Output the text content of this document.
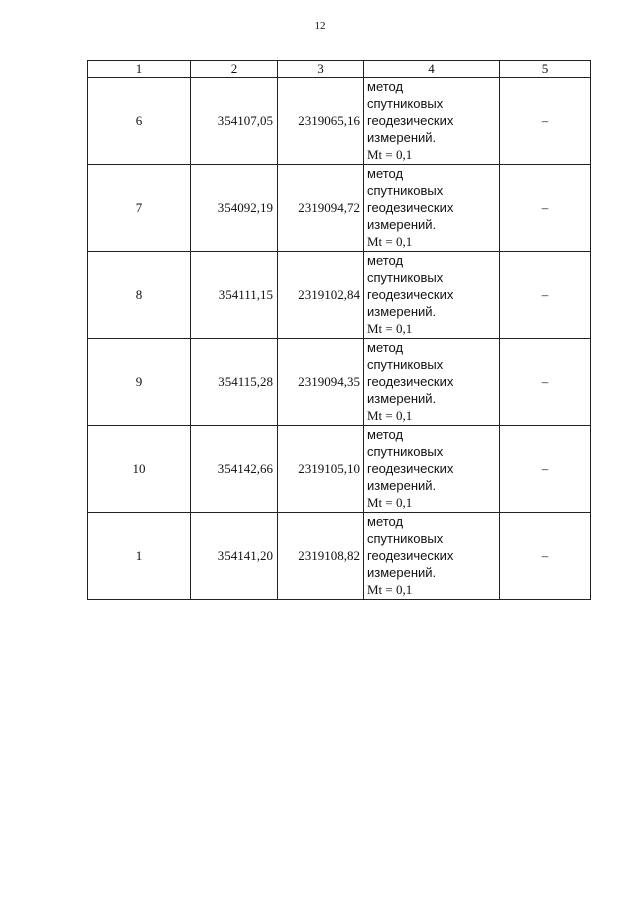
12
1	2	3	4	5
6	354107,05	2319065,16	метод
спутниковых
геодезических
измерений.
Mt = 0,1	–
7	354092,19	2319094,72	метод
спутниковых
геодезических
измерений.
Mt = 0,1	–
8	354111,15	2319102,84	метод
спутниковых
геодезических
измерений.
Mt = 0,1	–
9	354115,28	2319094,35	метод
спутниковых
геодезических
измерений.
Mt = 0,1	–
10	354142,66	2319105,10	метод
спутниковых
геодезических
измерений.
Mt = 0,1	–
1	354141,20	2319108,82	метод
спутниковых
геодезических
измерений.
Mt = 0,1	–
